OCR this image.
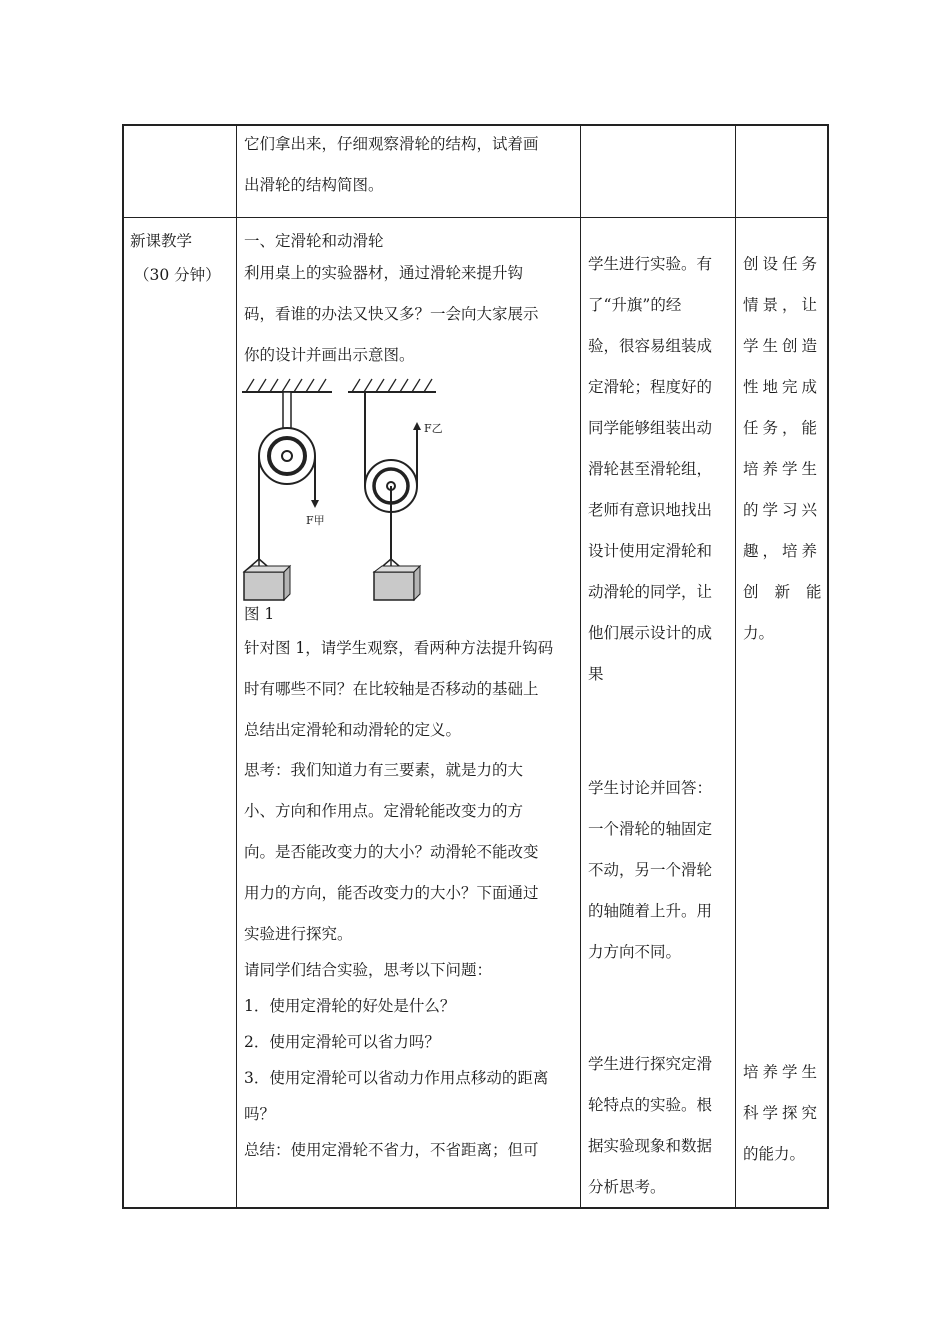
它们拿出来，仔细观察滑轮的结构，试着画
出滑轮的结构简图。
新课教学
（30 分钟）
一、定滑轮和动滑轮
利用桌上的实验器材，通过滑轮来提升钩
码，看谁的办法又快又多？一会向大家展示
你的设计并画出示意图。
F甲
F乙
图 1
针对图 1，请学生观察，看两种方法提升钩码
时有哪些不同？在比较轴是否移动的基础上
总结出定滑轮和动滑轮的定义。
思考：我们知道力有三要素，就是力的大
小、方向和作用点。定滑轮能改变力的方
向。是否能改变力的大小？动滑轮不能改变
用力的方向，能否改变力的大小？下面通过
实验进行探究。
请同学们结合实验，思考以下问题：
1．使用定滑轮的好处是什么？
2．使用定滑轮可以省力吗？
3．使用定滑轮可以省动力作用点移动的距离
吗？
总结：使用定滑轮不省力，不省距离；但可
学生进行实验。有
了“升旗”的经
验，很容易组装成
定滑轮；程度好的
同学能够组装出动
滑轮甚至滑轮组，
老师有意识地找出
设计使用定滑轮和
动滑轮的同学，让
他们展示设计的成
果
学生讨论并回答：
一个滑轮的轴固定
不动，另一个滑轮
的轴随着上升。用
力方向不同。
学生进行探究定滑
轮特点的实验。根
据实验现象和数据
分析思考。
创设任务
情景，让
学生创造
性地完成
任务，能
培养学生
的学习兴
趣，培养
创新能
力。
培养学生
科学探究
的能力。
